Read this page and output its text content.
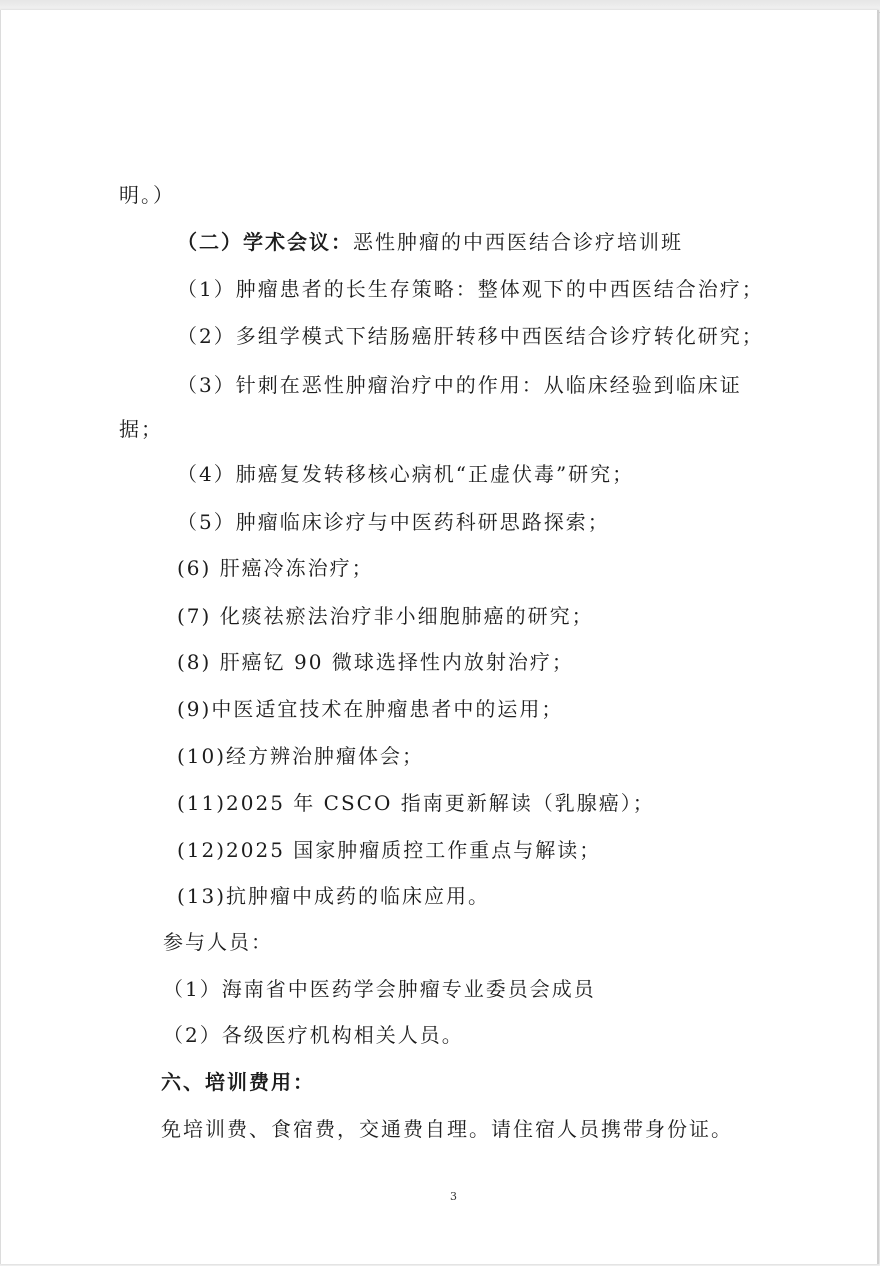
明。）

（二）学术会议：恶性肿瘤的中西医结合诊疗培训班

（1）肿瘤患者的长生存策略：整体观下的中西医结合治疗；

（2）多组学模式下结肠癌肝转移中西医结合诊疗转化研究；

（3）针刺在恶性肿瘤治疗中的作用：从临床经验到临床证

据；

（4）肺癌复发转移核心病机“正虚伏毒”研究；

（5）肿瘤临床诊疗与中医药科研思路探索；

(6) 肝癌冷冻治疗；

(7) 化痰祛瘀法治疗非小细胞肺癌的研究；

(8) 肝癌钇 90 微球选择性内放射治疗；

(9)中医适宜技术在肿瘤患者中的运用；

(10)经方辨治肿瘤体会；

(11)2025 年 CSCO 指南更新解读（乳腺癌）；

(12)2025 国家肿瘤质控工作重点与解读；

(13)抗肿瘤中成药的临床应用。

参与人员：

（1）海南省中医药学会肿瘤专业委员会成员

（2）各级医疗机构相关人员。

六、培训费用：

免培训费、食宿费，交通费自理。请住宿人员携带身份证。

3
